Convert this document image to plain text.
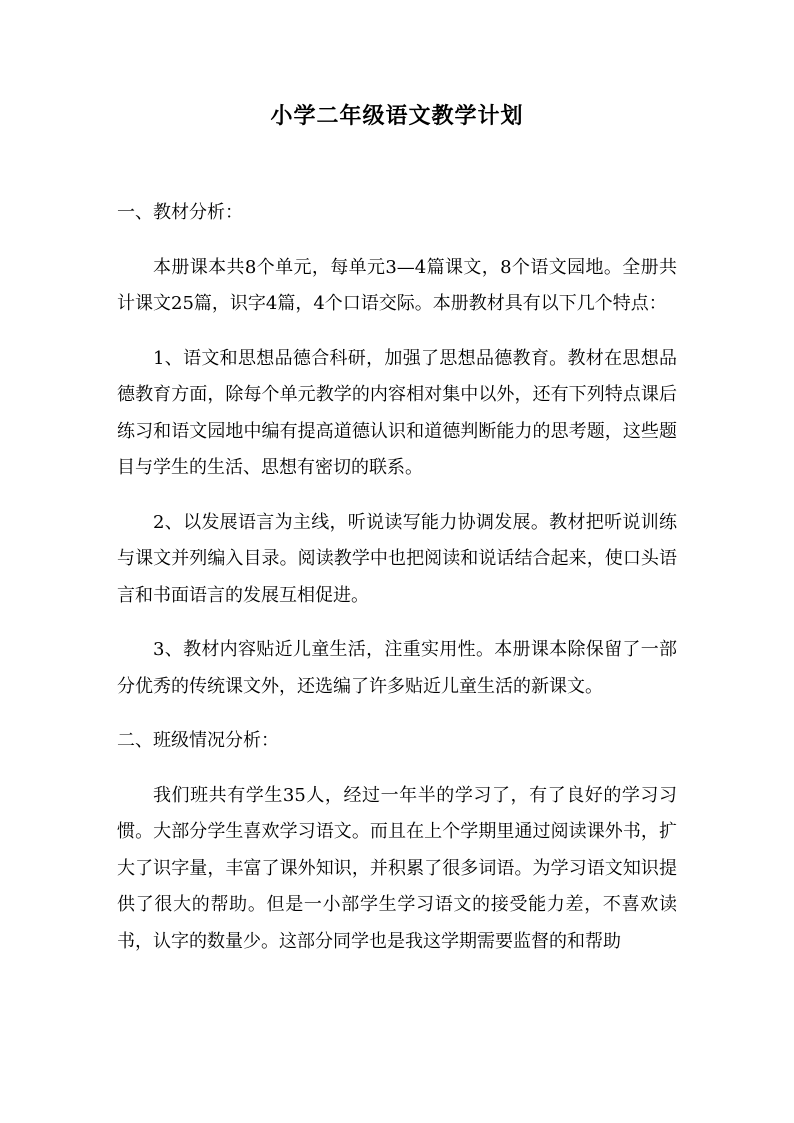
小学二年级语文教学计划
一、教材分析：

本册课本共8个单元，每单元3—4篇课文，8个语文园地。全册共计课文25篇，识字4篇，4个口语交际。本册教材具有以下几个特点：

1、语文和思想品德合科研，加强了思想品德教育。教材在思想品德教育方面，除每个单元教学的内容相对集中以外，还有下列特点课后练习和语文园地中编有提高道德认识和道德判断能力的思考题，这些题目与学生的生活、思想有密切的联系。

2、以发展语言为主线，听说读写能力协调发展。教材把听说训练与课文并列编入目录。阅读教学中也把阅读和说话结合起来，使口头语言和书面语言的发展互相促进。

3、教材内容贴近儿童生活，注重实用性。本册课本除保留了一部分优秀的传统课文外，还选编了许多贴近儿童生活的新课文。

二、班级情况分析：

我们班共有学生35人，经过一年半的学习了，有了良好的学习习惯。大部分学生喜欢学习语文。而且在上个学期里通过阅读课外书，扩大了识字量，丰富了课外知识，并积累了很多词语。为学习语文知识提供了很大的帮助。但是一小部学生学习语文的接受能力差，不喜欢读书，认字的数量少。这部分同学也是我这学期需要监督的和帮助
